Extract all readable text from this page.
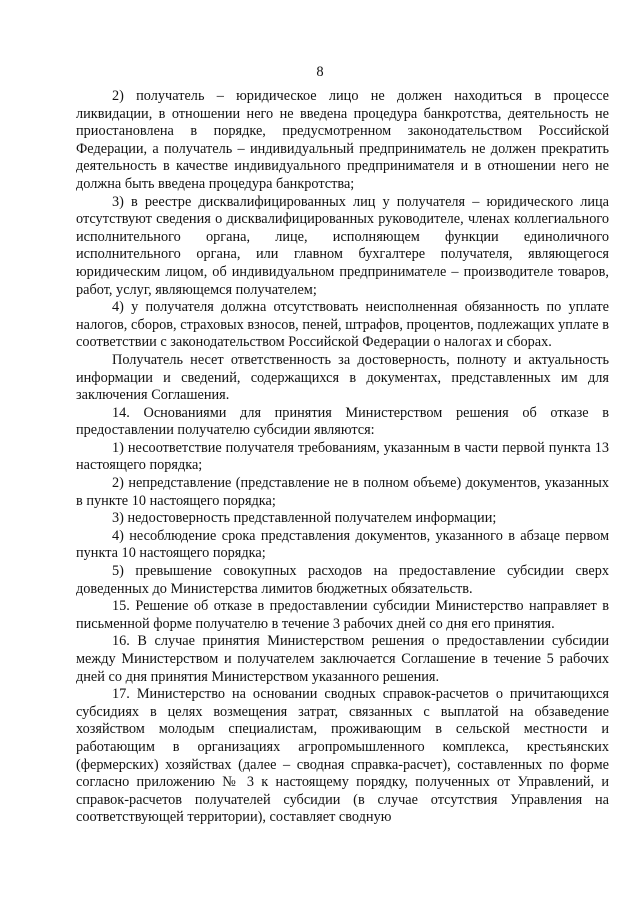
8

2) получатель – юридическое лицо не должен находиться в процессе ликвидации, в отношении него не введена процедура банкротства, деятельность не приостановлена в порядке, предусмотренном законодательством Российской Федерации, а получатель – индивидуальный предприниматель не должен прекратить деятельность в качестве индивидуального предпринимателя и в отношении него не должна быть введена процедура банкротства;

3) в реестре дисквалифицированных лиц у получателя – юридического лица отсутствуют сведения о дисквалифицированных руководителе, членах коллегиального исполнительного органа, лице, исполняющем функции единоличного исполнительного органа, или главном бухгалтере получателя, являющегося юридическим лицом, об индивидуальном предпринимателе – производителе товаров, работ, услуг, являющемся получателем;

4) у получателя должна отсутствовать неисполненная обязанность по уплате налогов, сборов, страховых взносов, пеней, штрафов, процентов, подлежащих уплате в соответствии с законодательством Российской Федерации о налогах и сборах.

Получатель несет ответственность за достоверность, полноту и актуальность информации и сведений, содержащихся в документах, представленных им для заключения Соглашения.

14. Основаниями для принятия Министерством решения об отказе в предоставлении получателю субсидии являются:

1) несоответствие получателя требованиям, указанным в части первой пункта 13 настоящего порядка;

2) непредставление (представление не в полном объеме) документов, указанных в пункте 10 настоящего порядка;

3) недостоверность представленной получателем информации;

4) несоблюдение срока представления документов, указанного в абзаце первом пункта 10 настоящего порядка;

5) превышение совокупных расходов на предоставление субсидии сверх доведенных до Министерства лимитов бюджетных обязательств.

15. Решение об отказе в предоставлении субсидии Министерство направляет в письменной форме получателю в течение 3 рабочих дней со дня его принятия.

16. В случае принятия Министерством решения о предоставлении субсидии между Министерством и получателем заключается Соглашение в течение 5 рабочих дней со дня принятия Министерством указанного решения.

17. Министерство на основании сводных справок-расчетов о причитающихся субсидиях в целях возмещения затрат, связанных с выплатой на обзаведение хозяйством молодым специалистам, проживающим в сельской местности и работающим в организациях агропромышленного комплекса, крестьянских (фермерских) хозяйствах (далее – сводная справка-расчет), составленных по форме согласно приложению № 3 к настоящему порядку, полученных от Управлений, и справок-расчетов получателей субсидии (в случае отсутствия Управления на соответствующей территории), составляет сводную
